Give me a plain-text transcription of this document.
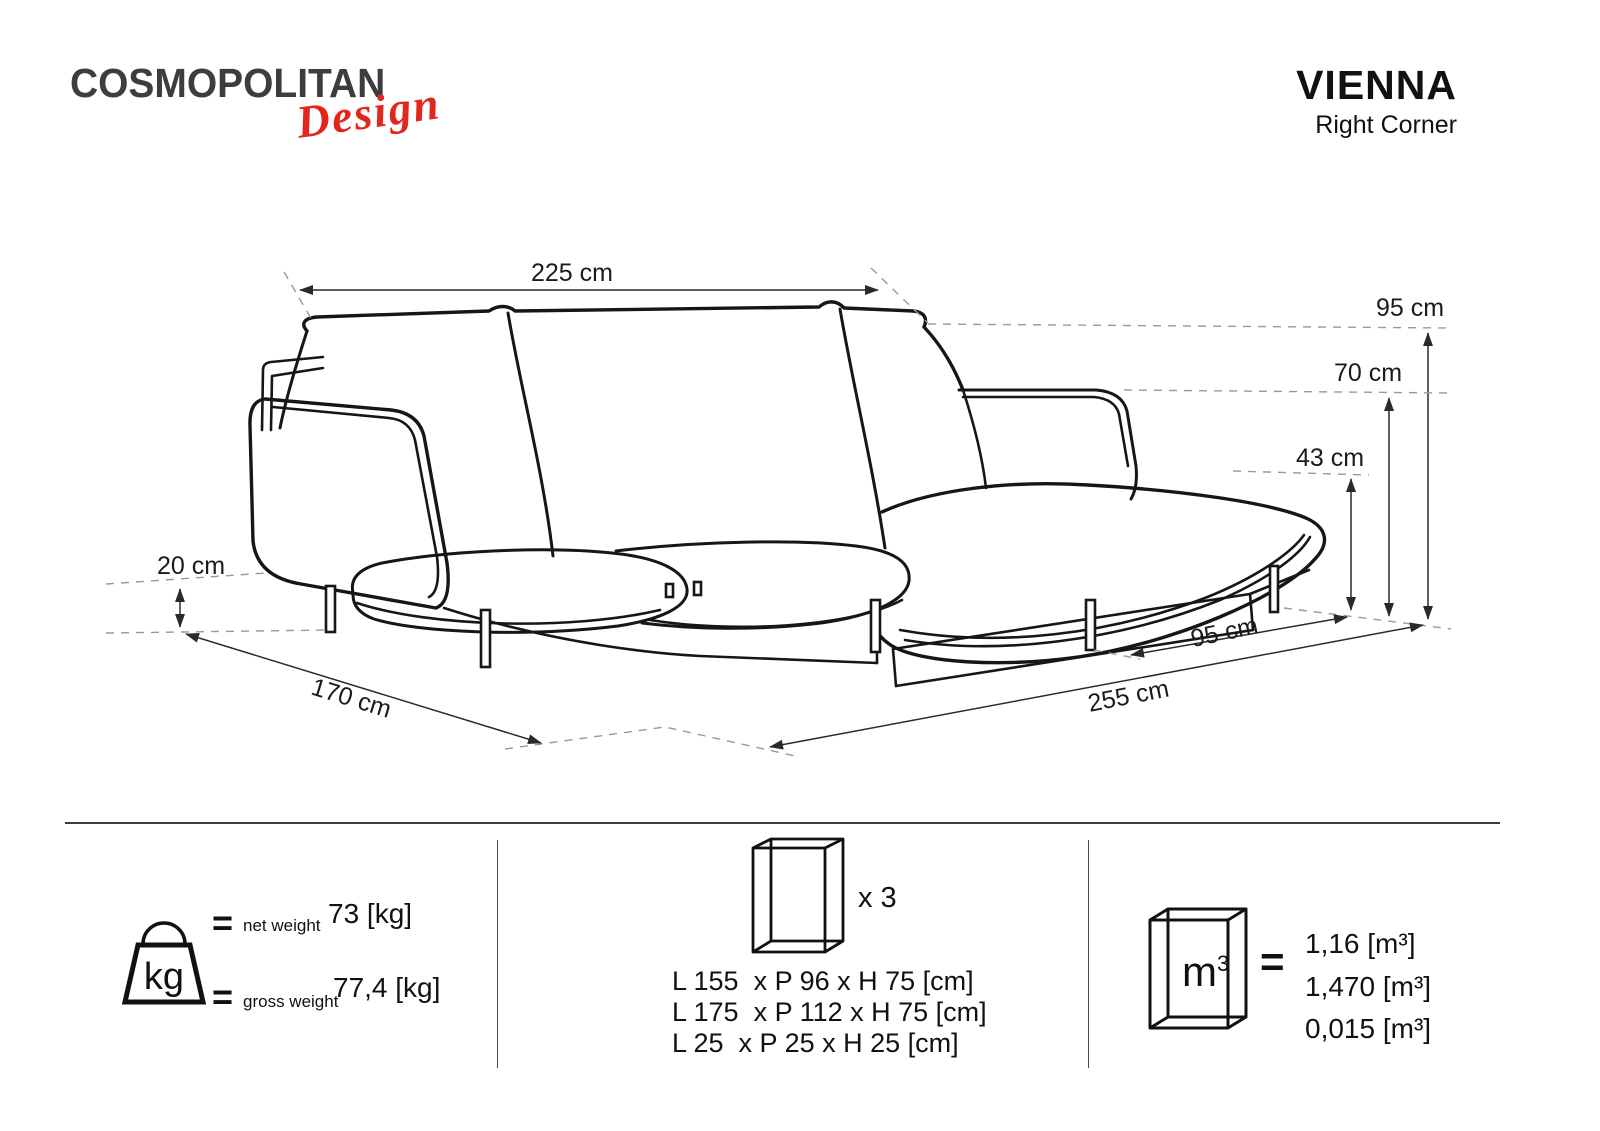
COSMOPOLITAN
Design	VIENNA
Right Corner
225 cm
95 cm
70 cm
43 cm
95 cm
255 cm
170 cm
20 cm
kg
= net weight 73 [kg]
= gross weight
77,4 [kg]
x 3
L 155  x P 96 x H 75 [cm]
L 175  x P 112 x H 75 [cm]
L 25  x P 25 x H 25 [cm]
$m^3 = 1,16$ [m³]
1,470 [m³]
0,015 [m³]
